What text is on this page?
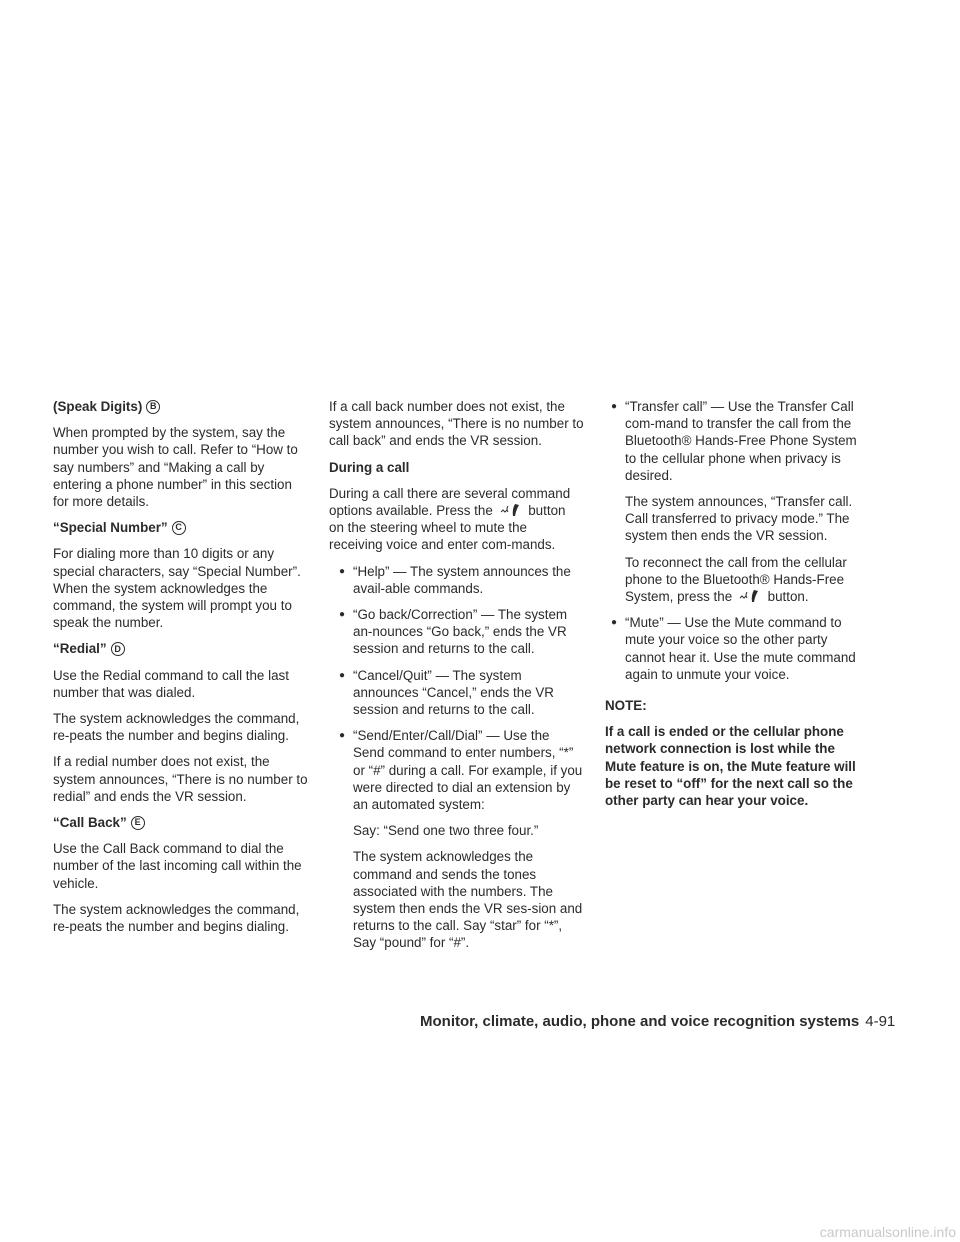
(Speak Digits) B

When prompted by the system, say the number you wish to call. Refer to “How to say numbers” and “Making a call by entering a phone number” in this section for more details.

“Special Number” C

For dialing more than 10 digits or any special characters, say “Special Number”. When the system acknowledges the command, the system will prompt you to speak the number.

“Redial” D

Use the Redial command to call the last number that was dialed.

The system acknowledges the command, re-peats the number and begins dialing.

If a redial number does not exist, the system announces, “There is no number to redial” and ends the VR session.

“Call Back” E

Use the Call Back command to dial the number of the last incoming call within the vehicle.

The system acknowledges the command, re-peats the number and begins dialing.

If a call back number does not exist, the system announces, “There is no number to call back” and ends the VR session.

During a call

During a call there are several command options available. Press the	button on the steering wheel to mute the receiving voice and enter com-mands.

● “Help” — The system announces the avail-able commands.
● “Go back/Correction” — The system an-nounces “Go back,” ends the VR session and returns to the call.
● “Cancel/Quit” — The system announces “Cancel,” ends the VR session and returns to the call.
● “Send/Enter/Call/Dial” — Use the Send command to enter numbers, “*” or “#” during a call. For example, if you were directed to dial an extension by an automated system:

Say: “Send one two three four.”

The system acknowledges the command and sends the tones associated with the numbers. The system then ends the VR ses-sion and returns to the call. Say “star” for “*”, Say “pound” for “#”.

● “Transfer call” — Use the Transfer Call com-mand to transfer the call from the Bluetooth® Hands-Free Phone System to the cellular phone when privacy is desired.

The system announces, “Transfer call. Call transferred to privacy mode.” The system then ends the VR session.

To reconnect the call from the cellular phone to the Bluetooth® Hands-Free System, press the	button.

● “Mute” — Use the Mute command to mute your voice so the other party cannot hear it. Use the mute command again to unmute your voice.
NOTE:

If a call is ended or the cellular phone network connection is lost while the Mute feature is on, the Mute feature will be reset to “off” for the next call so the other party can hear your voice.

Monitor, climate, audio, phone and voice recognition systems 4-91
carmanualsonline.info
